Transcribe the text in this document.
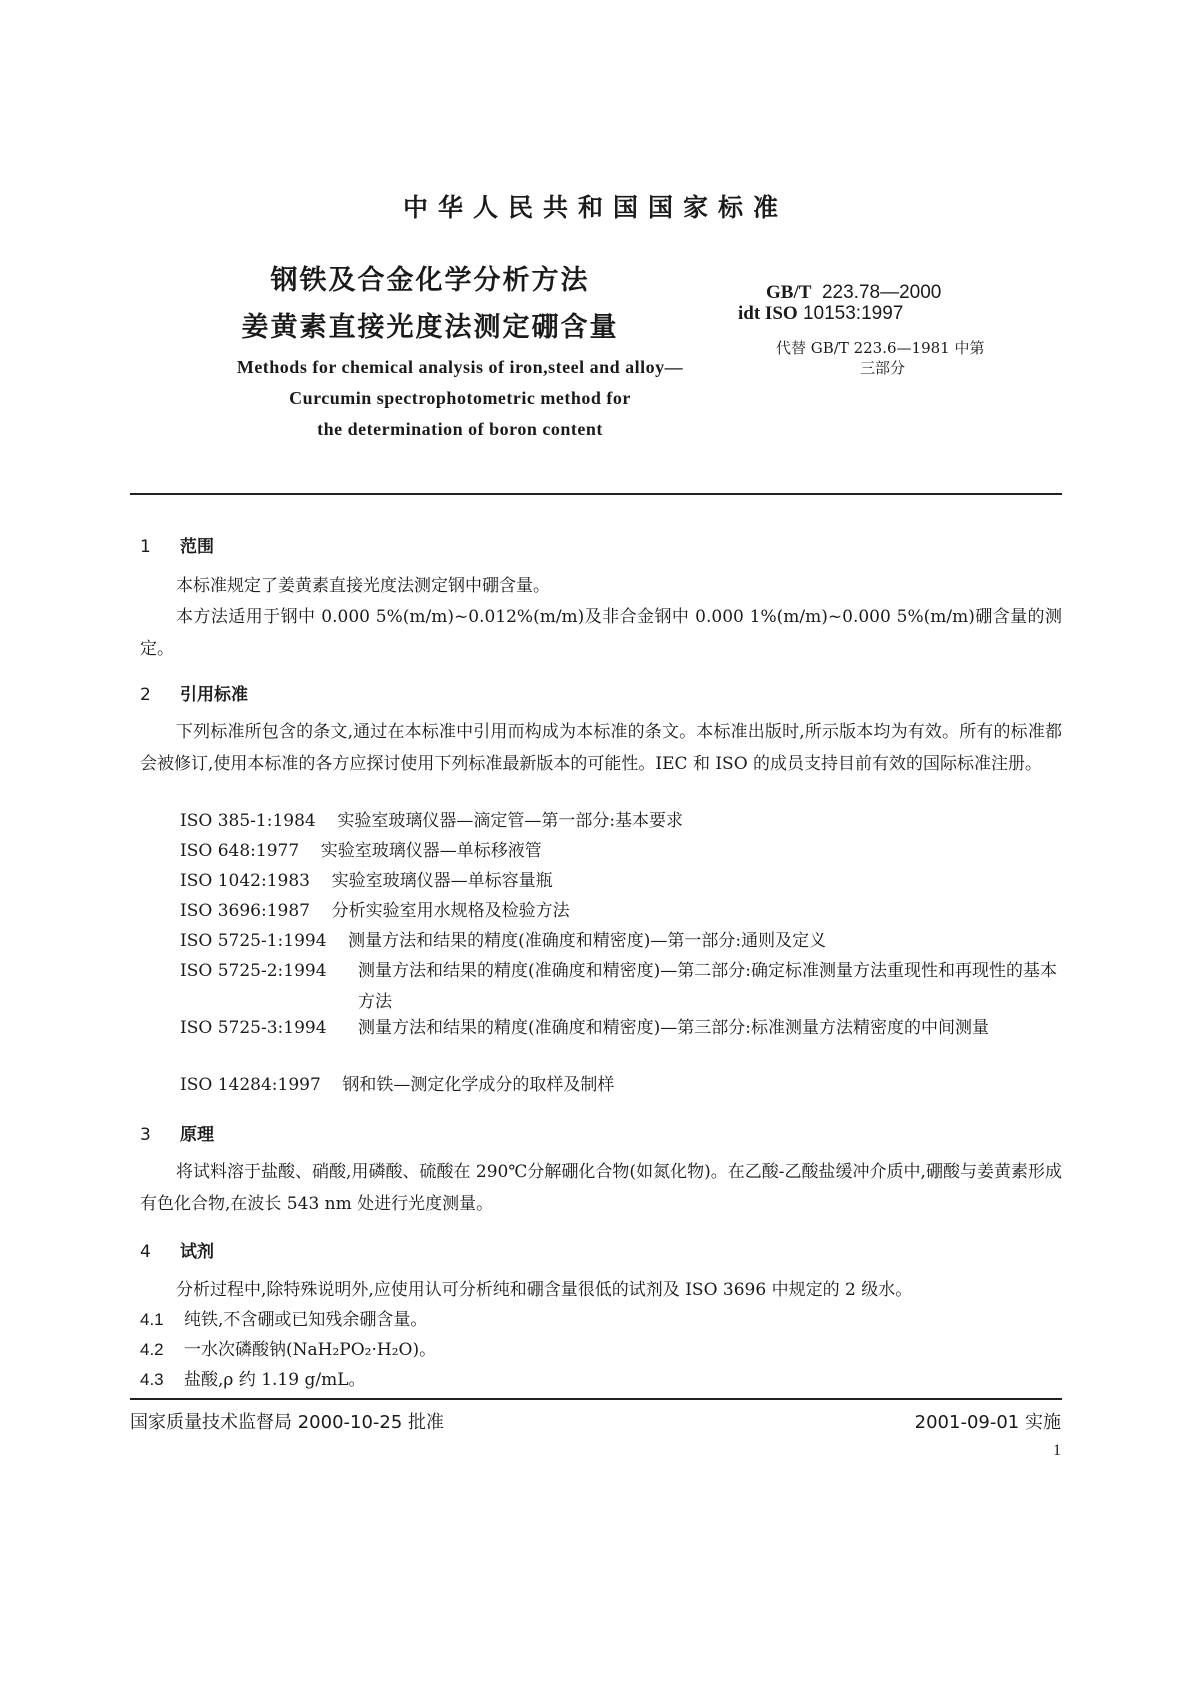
中华人民共和国国家标准
钢铁及合金化学分析方法
姜黄素直接光度法测定硼含量
GB/T 223.78—2000
idt ISO 10153:1997
代替 GB/T 223.6—1981 中第
三部分
Methods for chemical analysis of iron,steel and alloy—
Curcumin spectrophotometric method for
the determination of boron content
1 范围
本标准规定了姜黄素直接光度法测定钢中硼含量。
本方法适用于钢中 0.000 5%(m/m)~0.012%(m/m)及非合金钢中 0.000 1%(m/m)~0.000 5%(m/m)硼含量的测定。
2 引用标准
下列标准所包含的条文,通过在本标准中引用而构成为本标准的条文。本标准出版时,所示版本均为有效。所有的标准都会被修订,使用本标准的各方应探讨使用下列标准最新版本的可能性。IEC 和 ISO 的成员支持目前有效的国际标准注册。
ISO 385-1:1984 实验室玻璃仪器—滴定管—第一部分:基本要求
ISO 648:1977 实验室玻璃仪器—单标移液管
ISO 1042:1983 实验室玻璃仪器—单标容量瓶
ISO 3696:1987 分析实验室用水规格及检验方法
ISO 5725-1:1994 测量方法和结果的精度(准确度和精密度)—第一部分:通则及定义
ISO 5725-2:1994 测量方法和结果的精度(准确度和精密度)—第二部分:确定标准测量方法重现性和再现性的基本方法
ISO 5725-3:1994 测量方法和结果的精度(准确度和精密度)—第三部分:标准测量方法精密度的中间测量
ISO 14284:1997 钢和铁—测定化学成分的取样及制样
3 原理
将试料溶于盐酸、硝酸,用磷酸、硫酸在 290℃分解硼化合物(如氮化物)。在乙酸-乙酸盐缓冲介质中,硼酸与姜黄素形成有色化合物,在波长 543 nm 处进行光度测量。
4 试剂
分析过程中,除特殊说明外,应使用认可分析纯和硼含量很低的试剂及 ISO 3696 中规定的 2 级水。
4.1 纯铁,不含硼或已知残余硼含量。
4.2 一水次磷酸钠(NaH₂PO₂·H₂O)。
4.3 盐酸,ρ 约 1.19 g/mL。
国家质量技术监督局 2000-10-25 批准	2001-09-01 实施
1
